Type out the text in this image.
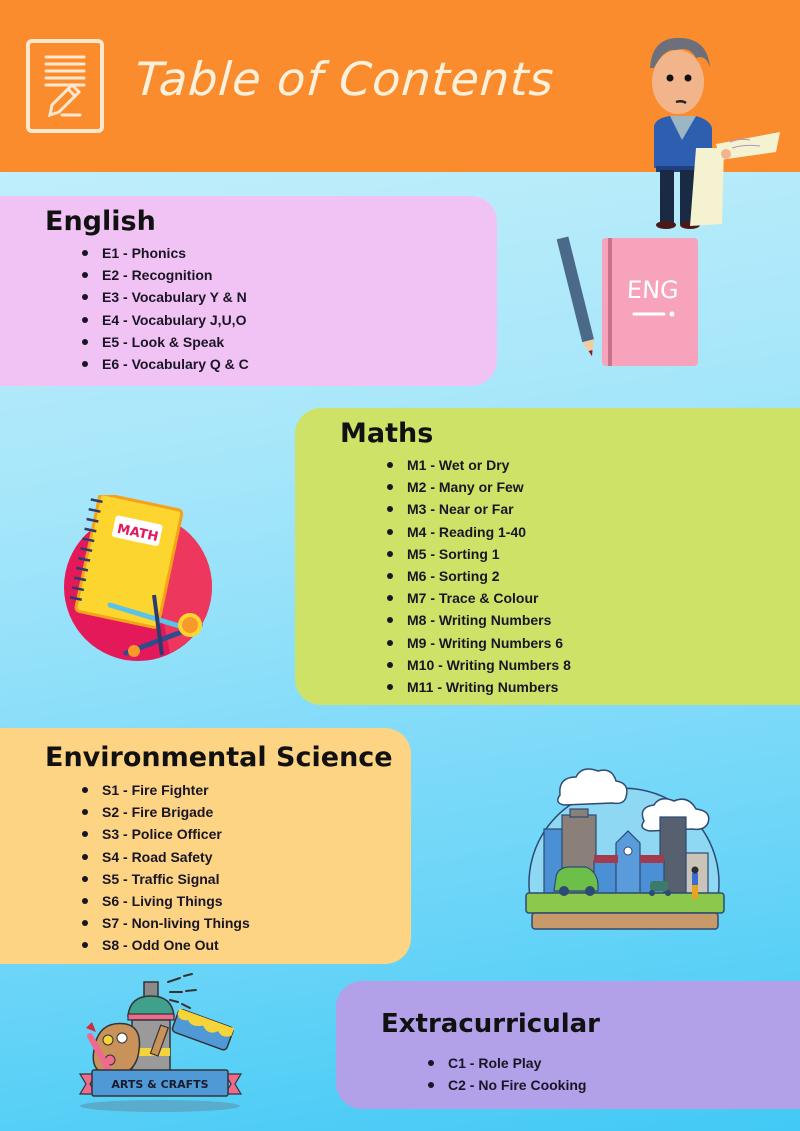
Table of Contents
English
E1 - Phonics
E2 - Recognition
E3 - Vocabulary Y & N
E4 - Vocabulary J,U,O
E5 - Look & Speak
E6 - Vocabulary Q & C
ENG
Maths
M1 - Wet or Dry
M2 - Many or Few
M3 - Near or Far
M4 - Reading 1-40
M5 - Sorting 1
M6 - Sorting 2
M7 - Trace & Colour
M8 - Writing Numbers
M9 - Writing Numbers 6
M10 - Writing Numbers 8
M11 - Writing Numbers
MATH
Environmental Science
S1 - Fire Fighter
S2 - Fire Brigade
S3 - Police Officer
S4 - Road Safety
S5 - Traffic Signal
S6 - Living Things
S7 - Non-living Things
S8 - Odd One Out
ARTS & CRAFTS
Extracurricular
C1 - Role Play
C2 - No Fire Cooking
